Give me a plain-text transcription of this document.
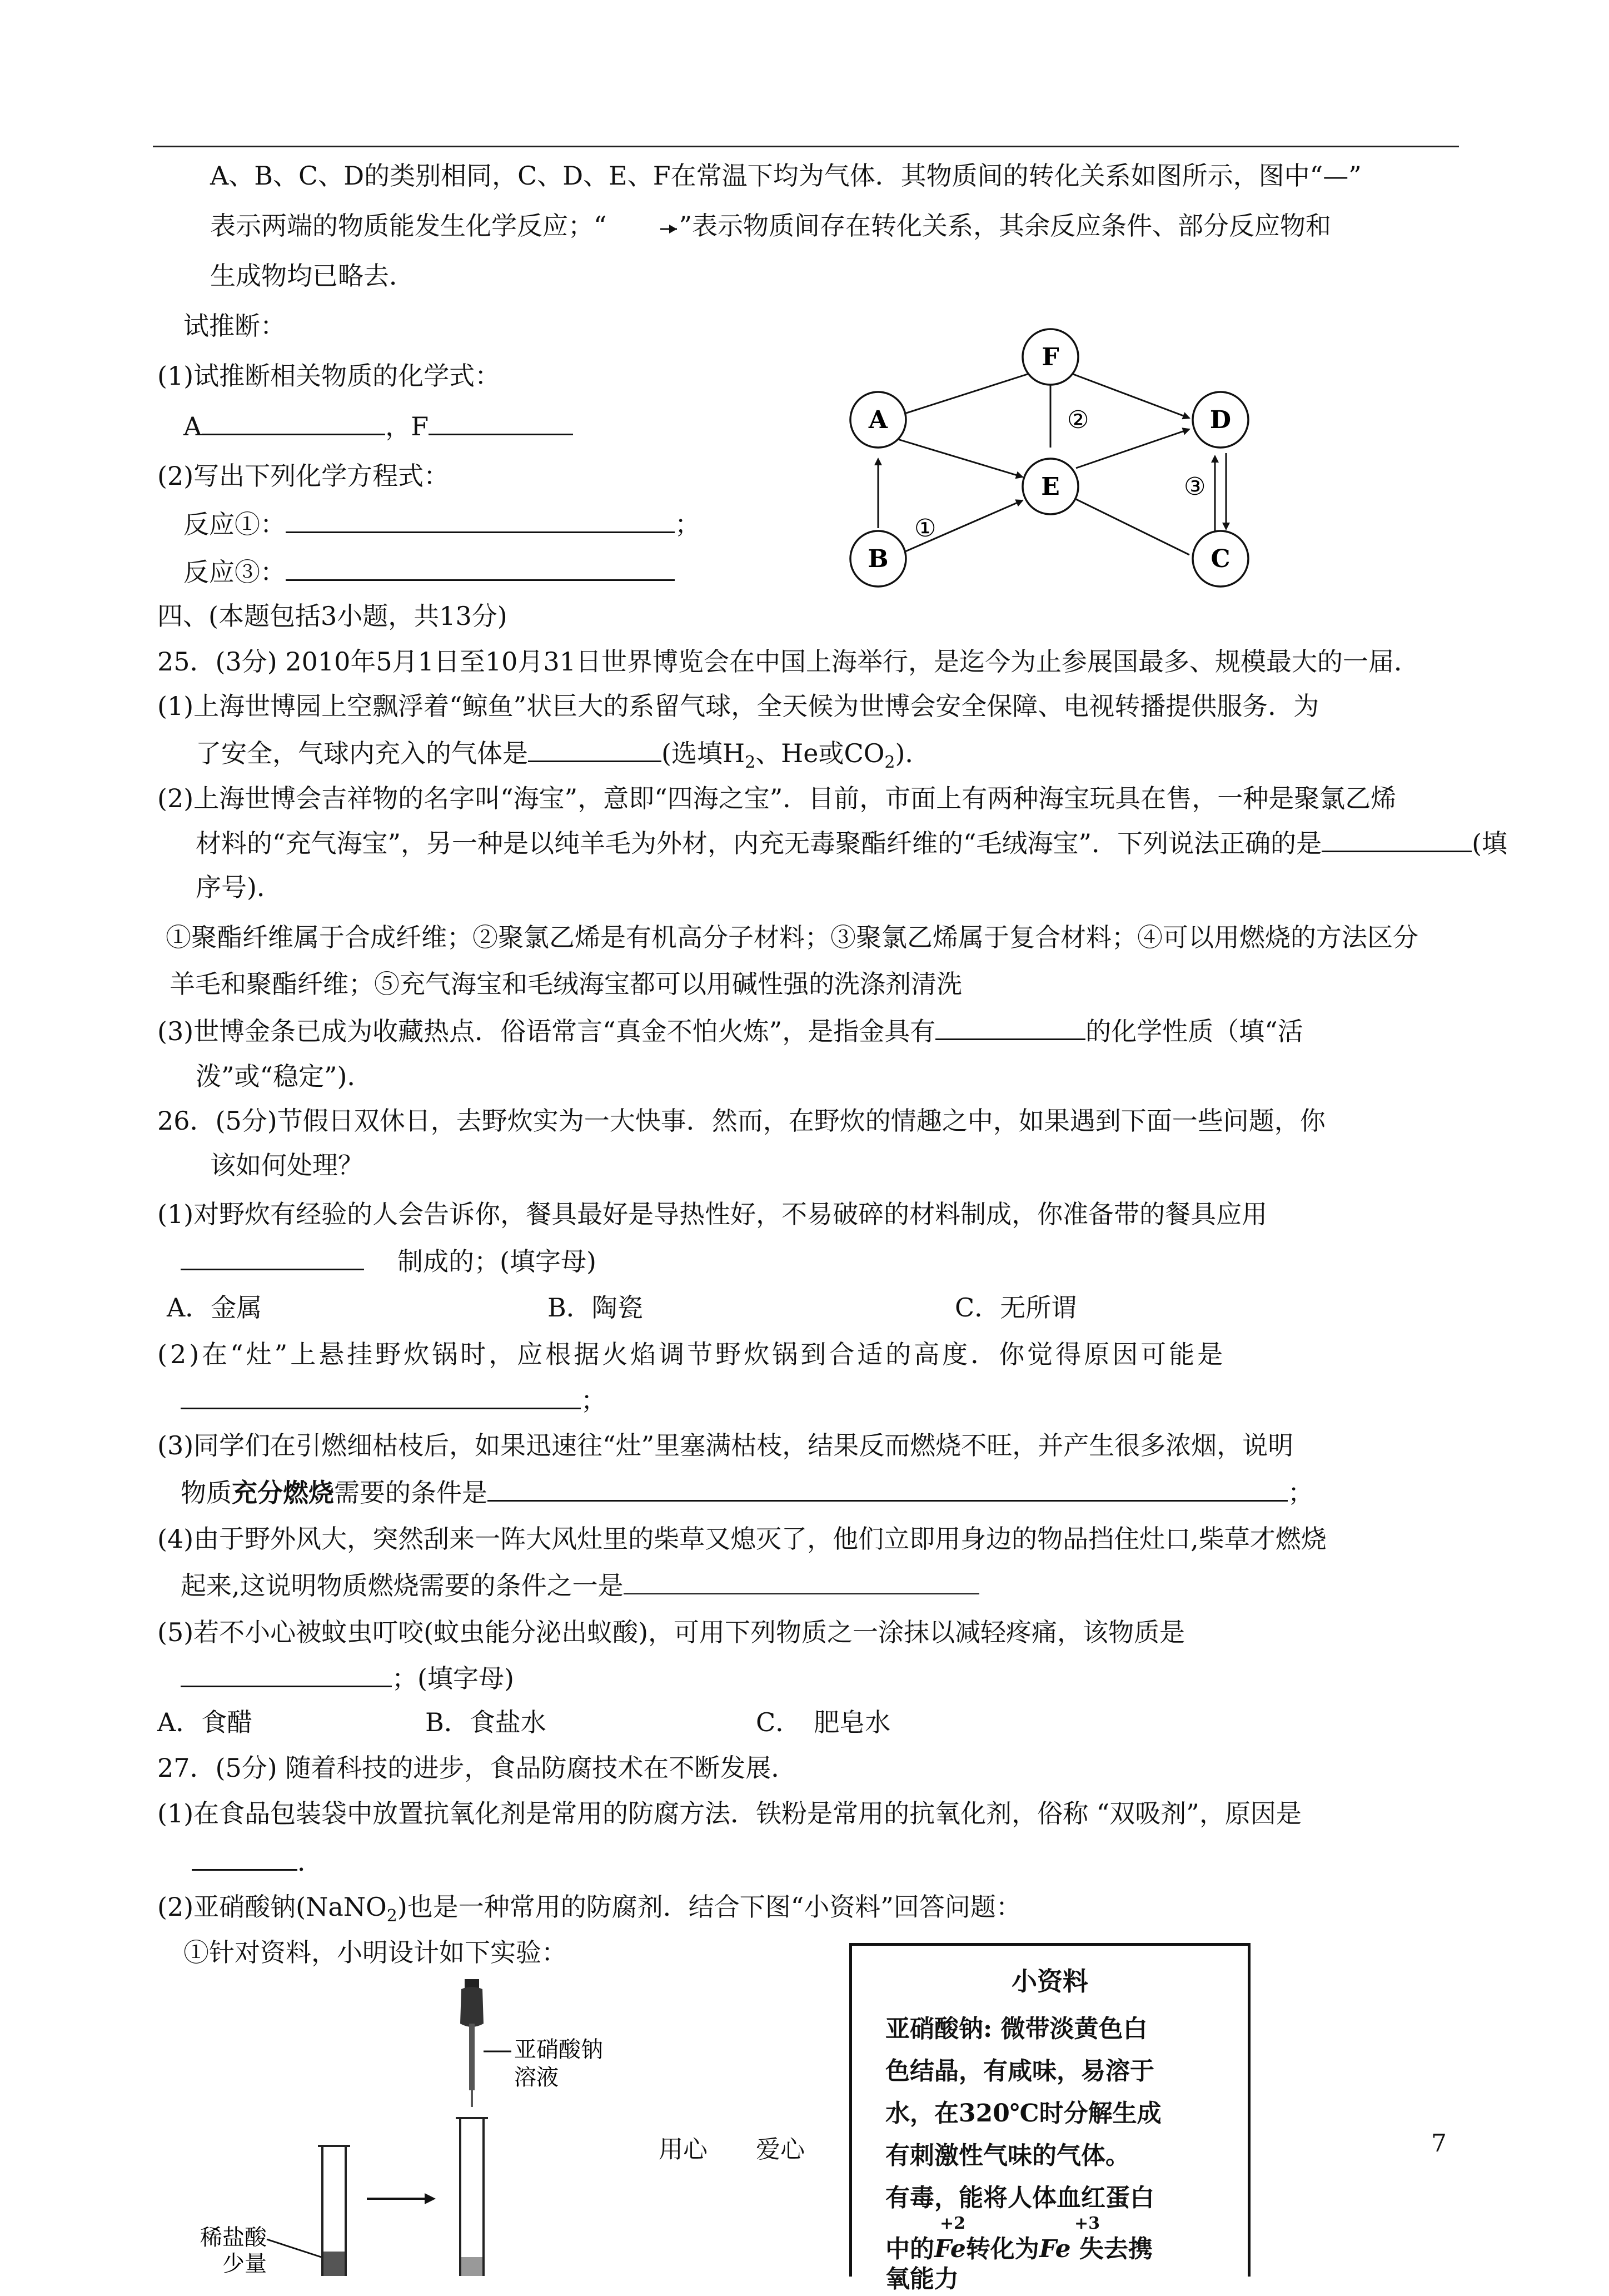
A、B、C、D的类别相同，C、D、E、F在常温下均为气体．其物质间的转化关系如图所示，图中“—”
表示两端的物质能发生化学反应；“	”表示物质间存在转化关系，其余反应条件、部分反应物和
生成物均已略去．
试推断：
(1)试推断相关物质的化学式：
A	，F
(2)写出下列化学方程式：
反应①：	；
反应③：
F
A	D
E
B	C
②
③
①
四、(本题包括3小题，共13分)
25．(3分) 2010年5月1日至10月31日世界博览会在中国上海举行，是迄今为止参展国最多、规模最大的一届．
(1)上海世博园上空飘浮着“鲸鱼”状巨大的系留气球，全天候为世博会安全保障、电视转播提供服务．为
了安全，气球内充入的气体是	(选填$H_2$、He或$CO_2$)．
(2)上海世博会吉祥物的名字叫“海宝”，意即“四海之宝”．目前，市面上有两种海宝玩具在售，一种是聚氯乙烯
材料的“充气海宝”，另一种是以纯羊毛为外材，内充无毒聚酯纤维的“毛绒海宝”．下列说法正确的是	(填
序号)．
①聚酯纤维属于合成纤维；②聚氯乙烯是有机高分子材料；③聚氯乙烯属于复合材料；④可以用燃烧的方法区分
羊毛和聚酯纤维；⑤充气海宝和毛绒海宝都可以用碱性强的洗涤剂清洗
(3)世博金条已成为收藏热点．俗语常言“真金不怕火炼”，是指金具有	的化学性质（填“活
泼”或“稳定”)．
26．(5分)节假日双休日，去野炊实为一大快事．然而，在野炊的情趣之中，如果遇到下面一些问题，你
该如何处理？
(1)对野炊有经验的人会告诉你，餐具最好是导热性好，不易破碎的材料制成，你准备带的餐具应用
制成的；(填字母)
A．金属	B．陶瓷	C．无所谓
(2)在“灶”上悬挂野炊锅时，应根据火焰调节野炊锅到合适的高度．你觉得原因可能是
；
(3)同学们在引燃细枯枝后，如果迅速往“灶”里塞满枯枝，结果反而燃烧不旺，并产生很多浓烟，说明
物质充分燃烧需要的条件是	；
(4)由于野外风大，突然刮来一阵大风灶里的柴草又熄灭了，他们立即用身边的物品挡住灶口,柴草才燃烧
起来,这说明物质燃烧需要的条件之一是
(5)若不小心被蚊虫叮咬(蚊虫能分泌出蚁酸)，可用下列物质之一涂抹以减轻疼痛，该物质是
；(填字母)
A．食醋	B．食盐水	C．　肥皂水
27．(5分) 随着科技的进步，食品防腐技术在不断发展．
(1)在食品包装袋中放置抗氧化剂是常用的防腐方法．铁粉是常用的抗氧化剂，俗称 “双吸剂”，原因是
．
(2)亚硝酸钠(NaNO$_2$)也是一种常用的防腐剂．结合下图“小资料”回答问题：
①针对资料，小明设计如下实验：
亚硝酸钠
溶液
稀盐酸
少量
小资料
亚硝酸钠: 微带淡黄色白
色结晶，有咸味，易溶于
水，在320℃时分解生成
有刺激性气味的气体。
有毒，能将人体血红蛋白
+2	+3
中的Fe转化为Fe 失去携
氧能力
用心 爱心	7
